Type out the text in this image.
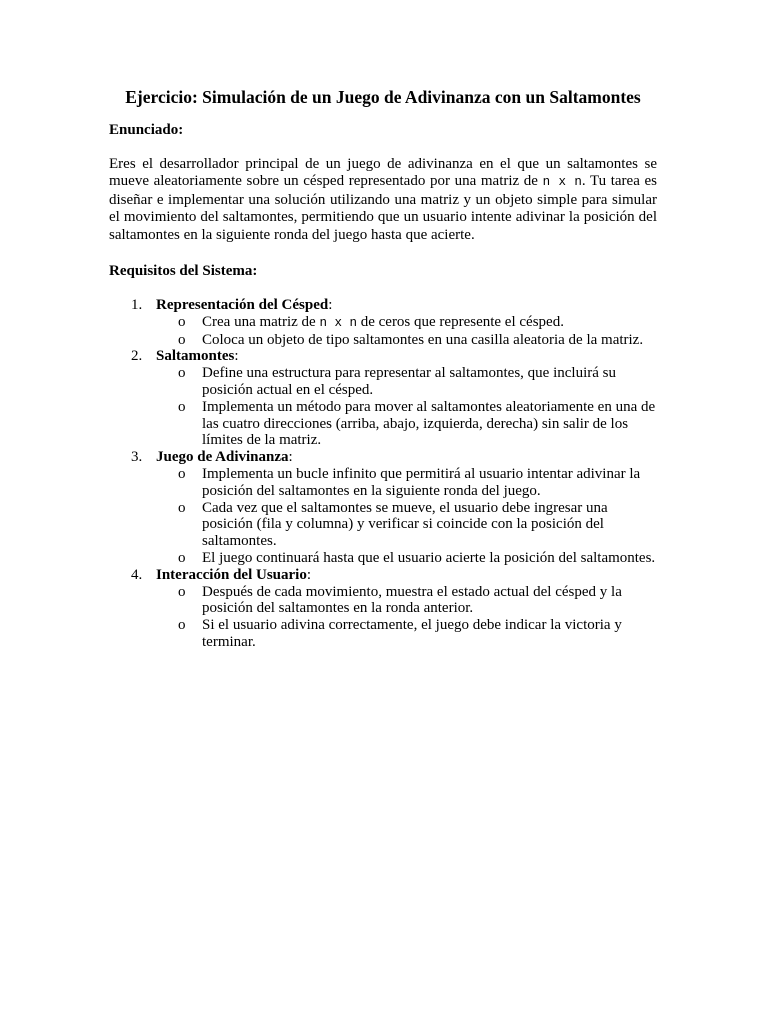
Ejercicio: Simulación de un Juego de Adivinanza con un Saltamontes
Enunciado:

Eres el desarrollador principal de un juego de adivinanza en el que un saltamontes se mueve aleatoriamente sobre un césped representado por una matriz de n x n. Tu tarea es diseñar e implementar una solución utilizando una matriz y un objeto simple para simular el movimiento del saltamontes, permitiendo que un usuario intente adivinar la posición del saltamontes en la siguiente ronda del juego hasta que acierte.

Requisitos del Sistema:
1. Representación del Césped:
o Crea una matriz de n x n de ceros que represente el césped.
o Coloca un objeto de tipo saltamontes en una casilla aleatoria de la matriz.
2. Saltamontes:
o Define una estructura para representar al saltamontes, que incluirá su posición actual en el césped.
o Implementa un método para mover al saltamontes aleatoriamente en una de las cuatro direcciones (arriba, abajo, izquierda, derecha) sin salir de los límites de la matriz.
3. Juego de Adivinanza:
o Implementa un bucle infinito que permitirá al usuario intentar adivinar la posición del saltamontes en la siguiente ronda del juego.
o Cada vez que el saltamontes se mueve, el usuario debe ingresar una posición (fila y columna) y verificar si coincide con la posición del saltamontes.
o El juego continuará hasta que el usuario acierte la posición del saltamontes.
4. Interacción del Usuario:
o Después de cada movimiento, muestra el estado actual del césped y la posición del saltamontes en la ronda anterior.
o Si el usuario adivina correctamente, el juego debe indicar la victoria y terminar.
